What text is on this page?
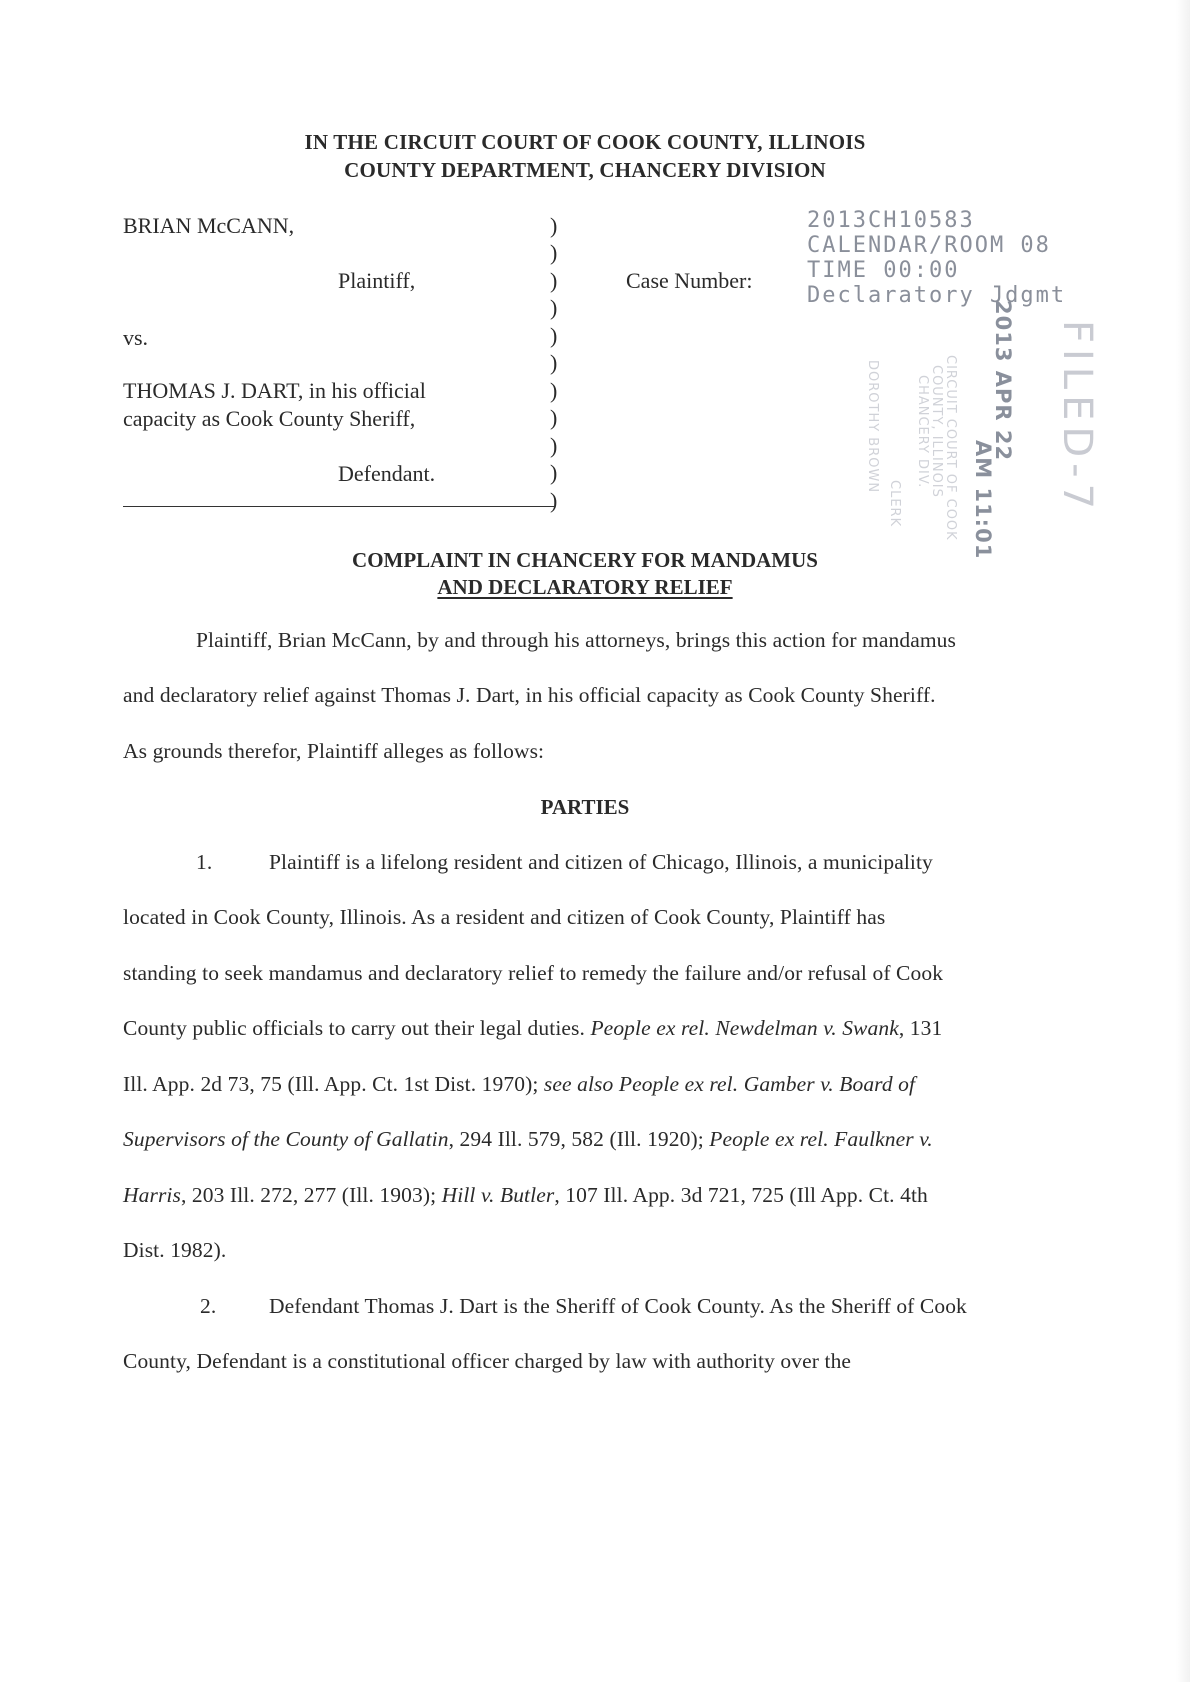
IN THE CIRCUIT COURT OF COOK COUNTY, ILLINOIS
COUNTY DEPARTMENT, CHANCERY DIVISION
BRIAN McCANN,
Plaintiff,
vs.
THOMAS J. DART, in his official
capacity as Cook County Sheriff,
Defendant.
)
)
)
)
)
)
)
)
)
)
)
Case Number:
2013CH10583
CALENDAR/ROOM 08
TIME 00:00
Declaratory Jdgmt
2013 APR 22
AM 11:01 FILED-7
CIRCUIT COURT OF COOK
COUNTY, ILLINOIS
CHANCERY DIV.
DOROTHY BROWN
CLERK
COMPLAINT IN CHANCERY FOR MANDAMUS
AND DECLARATORY RELIEF
Plaintiff, Brian McCann, by and through his attorneys, brings this action for mandamus
and declaratory relief against Thomas J. Dart, in his official capacity as Cook County Sheriff.
As grounds therefor, Plaintiff alleges as follows:
PARTIES
1.	Plaintiff is a lifelong resident and citizen of Chicago, Illinois, a municipality
located in Cook County, Illinois. As a resident and citizen of Cook County, Plaintiff has
standing to seek mandamus and declaratory relief to remedy the failure and/or refusal of Cook
County public officials to carry out their legal duties. People ex rel. Newdelman v. Swank, 131
Ill. App. 2d 73, 75 (Ill. App. Ct. 1st Dist. 1970); see also People ex rel. Gamber v. Board of
Supervisors of the County of Gallatin, 294 Ill. 579, 582 (Ill. 1920); People ex rel. Faulkner v.
Harris, 203 Ill. 272, 277 (Ill. 1903); Hill v. Butler, 107 Ill. App. 3d 721, 725 (Ill App. Ct. 4th
Dist. 1982).
2. Defendant Thomas J. Dart is the Sheriff of Cook County. As the Sheriff of Cook
County, Defendant is a constitutional officer charged by law with authority over the
